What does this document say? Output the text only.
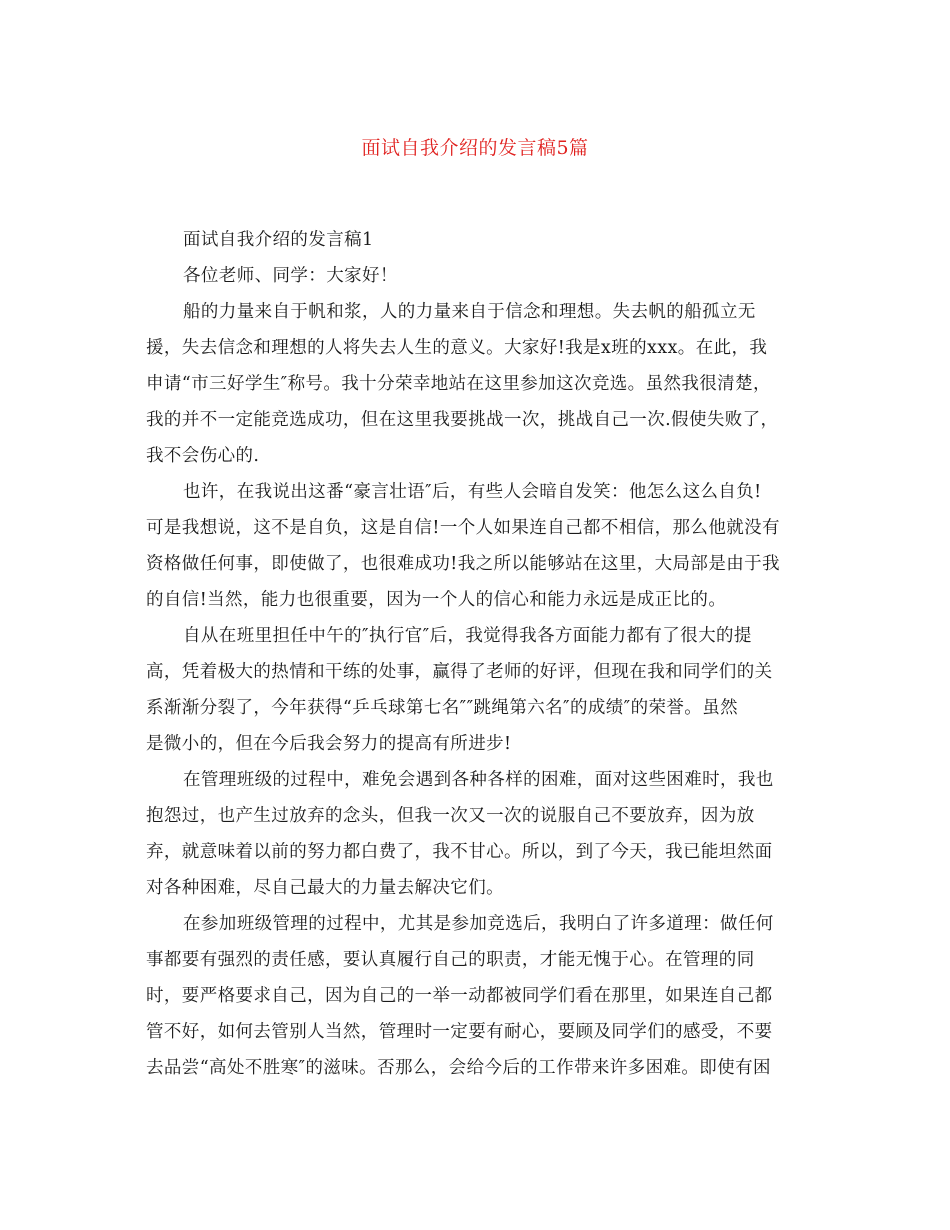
面试自我介绍的发言稿5篇

面试自我介绍的发言稿1

各位老师、同学：大家好！

船的力量来自于帆和浆，人的力量来自于信念和理想。失去帆的船孤立无
援，失去信念和理想的人将失去人生的意义。大家好!我是x班的xxx。在此，我
申请“市三好学生″称号。我十分荣幸地站在这里参加这次竞选。虽然我很清楚，
我的并不一定能竞选成功，但在这里我要挑战一次，挑战自己一次.假使失败了，
我不会伤心的.

也许，在我说出这番“豪言壮语″后，有些人会暗自发笑：他怎么这么自负!
可是我想说，这不是自负，这是自信!一个人如果连自己都不相信，那么他就没有
资格做任何事，即使做了，也很难成功!我之所以能够站在这里，大局部是由于我
的自信!当然，能力也很重要，因为一个人的信心和能力永远是成正比的。

自从在班里担任中午的″执行官″后，我觉得我各方面能力都有了很大的提
高，凭着极大的热情和干练的处事，赢得了老师的好评，但现在我和同学们的关
系渐渐分裂了，今年获得“乒乓球第七名″″跳绳第六名″的成绩″的荣誉。虽然
是微小的，但在今后我会努力的提高有所进步!

在管理班级的过程中，难免会遇到各种各样的困难，面对这些困难时，我也
抱怨过，也产生过放弃的念头，但我一次又一次的说服自己不要放弃，因为放
弃，就意味着以前的努力都白费了，我不甘心。所以，到了今天，我已能坦然面
对各种困难，尽自己最大的力量去解决它们。

在参加班级管理的过程中，尤其是参加竞选后，我明白了许多道理：做任何
事都要有强烈的责任感，要认真履行自己的职责，才能无愧于心。在管理的同
时，要严格要求自己，因为自己的一举一动都被同学们看在那里，如果连自己都
管不好，如何去管别人当然，管理时一定要有耐心，要顾及同学们的感受，不要
去品尝“高处不胜寒″的滋味。否那么，会给今后的工作带来许多困难。即使有困
